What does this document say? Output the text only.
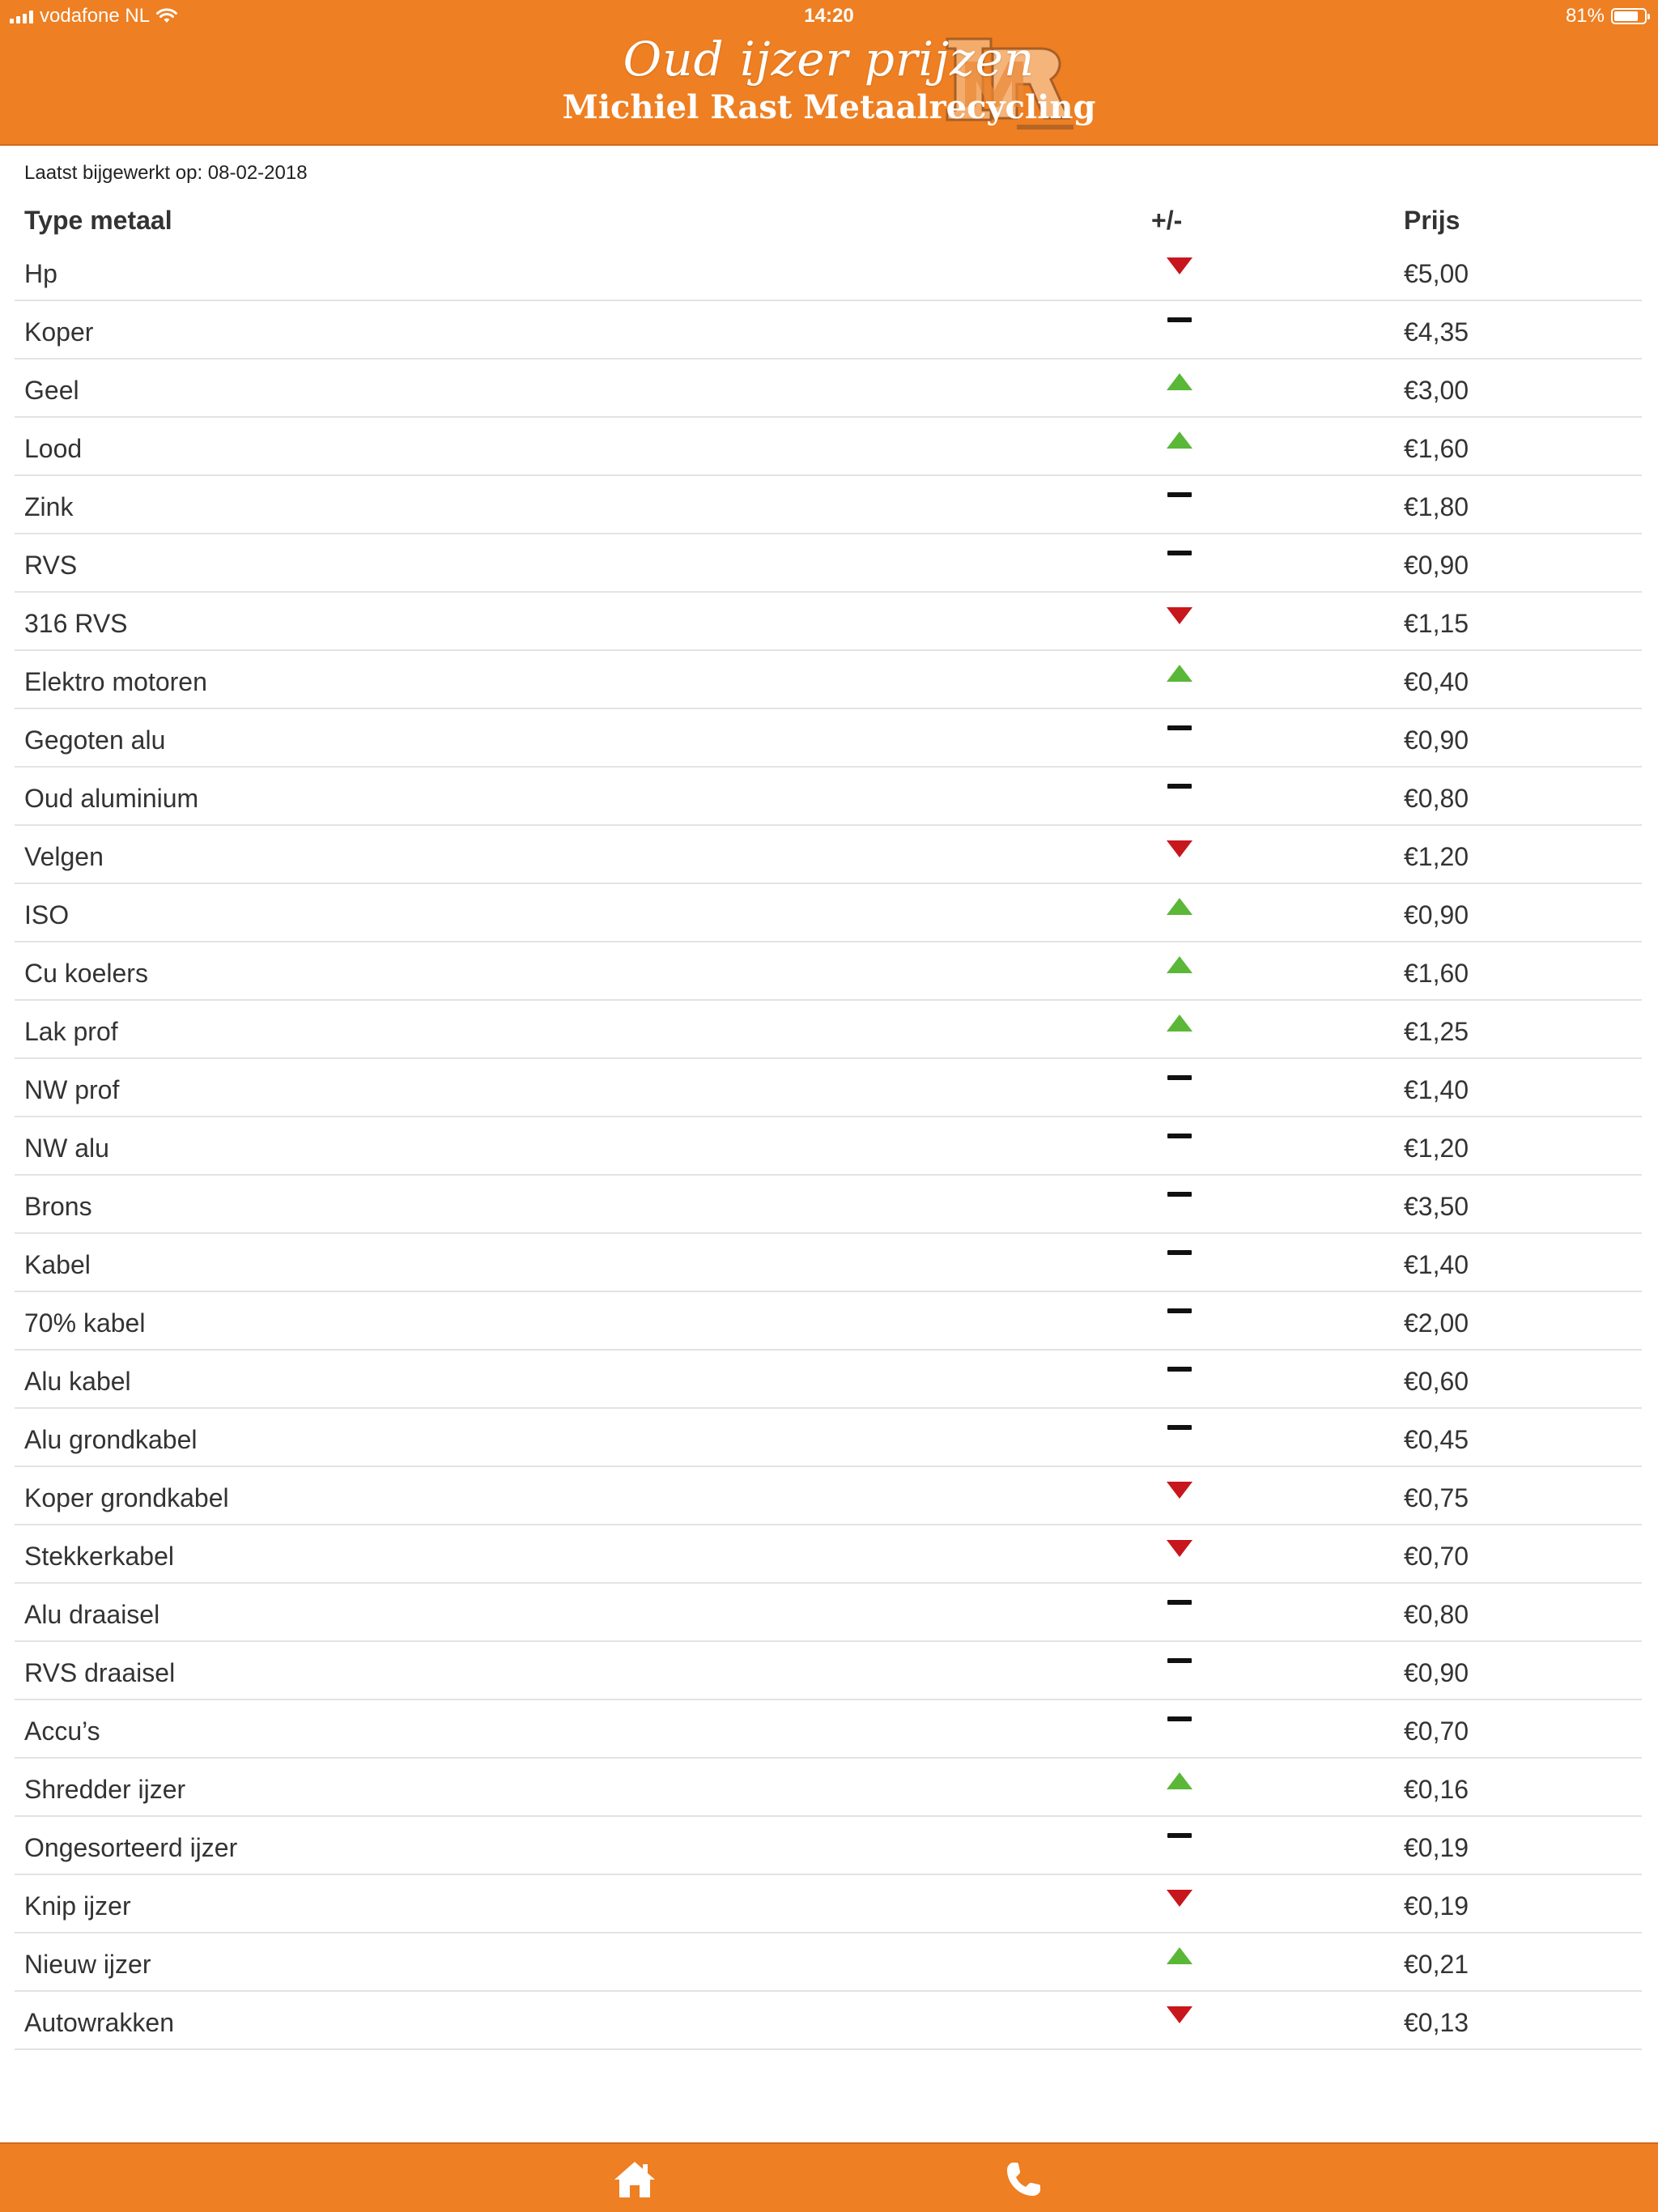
vodafone NL	14:20	81%
Oud ijzer prijzen
Michiel Rast Metaalrecycling
Laatst bijgewerkt op: 08-02-2018
Type metaal	+/-	Prijs
Hp	€5,00
Koper	€4,35
Geel	€3,00
Lood	€1,60
Zink	€1,80
RVS	€0,90
316 RVS	€1,15
Elektro motoren	€0,40
Gegoten alu	€0,90
Oud aluminium	€0,80
Velgen	€1,20
ISO	€0,90
Cu koelers	€1,60
Lak prof	€1,25
NW prof	€1,40
NW alu	€1,20
Brons	€3,50
Kabel	€1,40
70% kabel	€2,00
Alu kabel	€0,60
Alu grondkabel	€0,45
Koper grondkabel	€0,75
Stekkerkabel	€0,70
Alu draaisel	€0,80
RVS draaisel	€0,90
Accu’s	€0,70
Shredder ijzer	€0,16
Ongesorteerd ijzer	€0,19
Knip ijzer	€0,19
Nieuw ijzer	€0,21
Autowrakken	€0,13
